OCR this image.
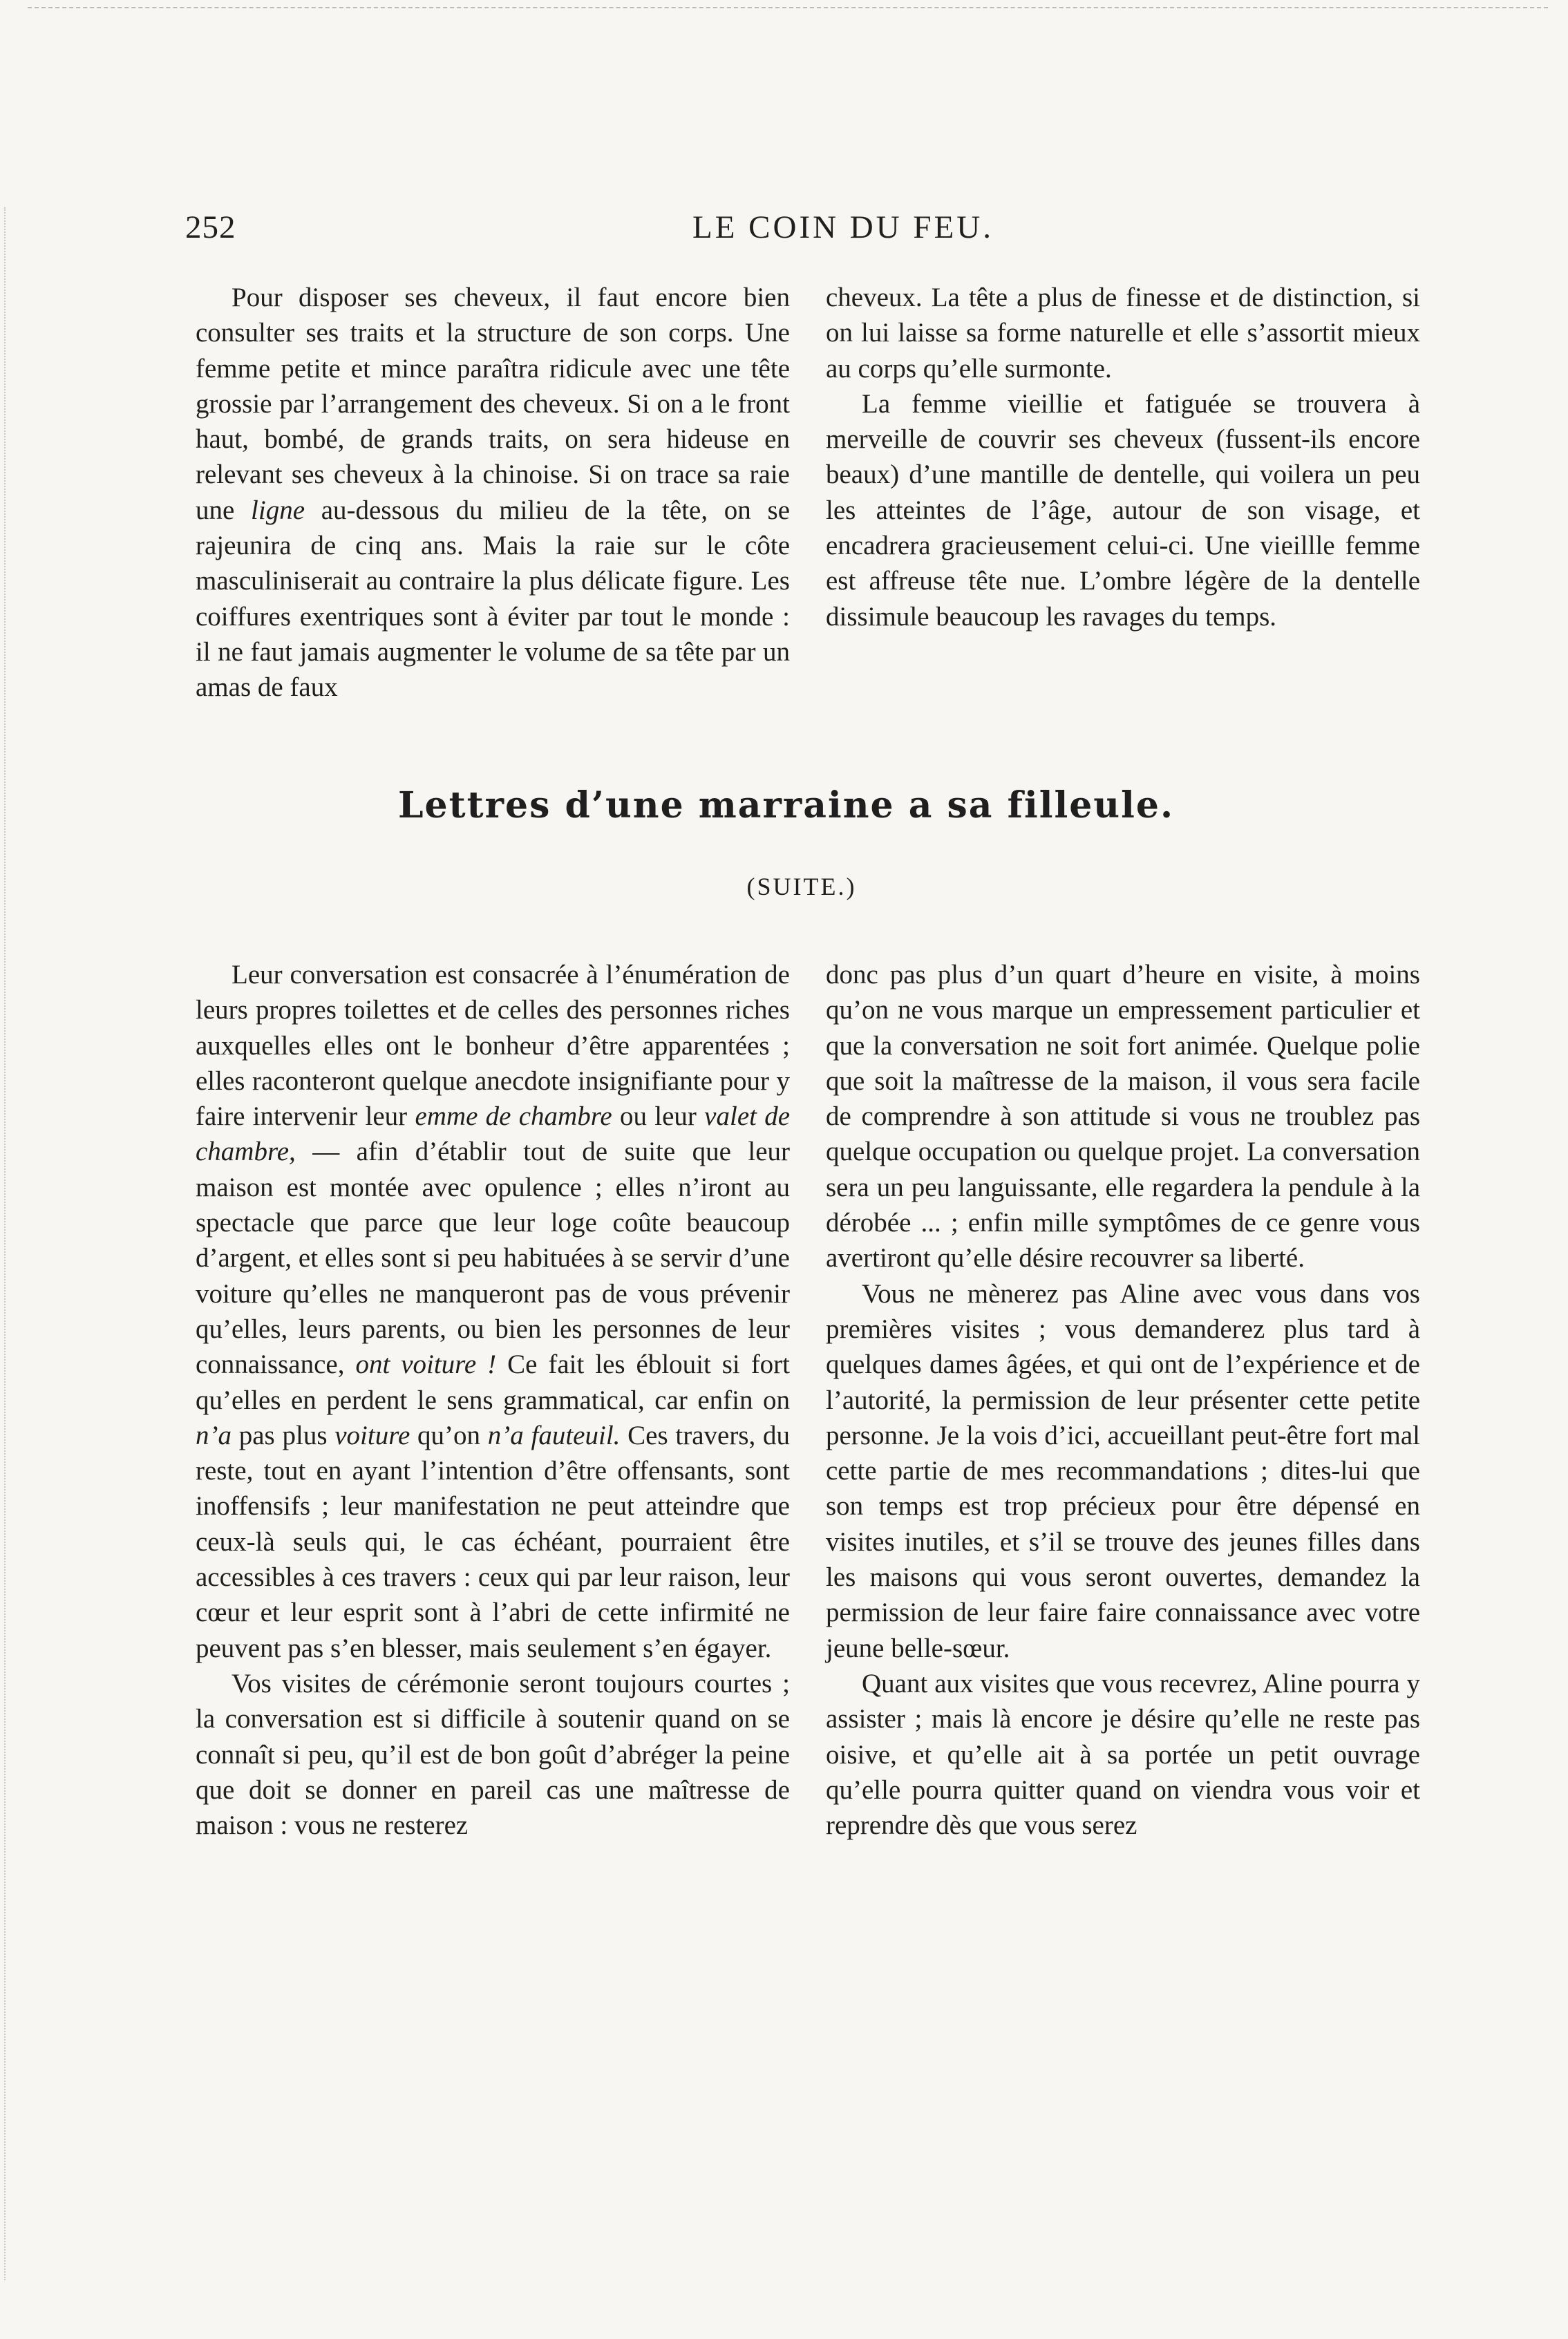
252	LE COIN DU FEU.

Pour disposer ses cheveux, il faut encore bien consulter ses traits et la structure de son corps. Une femme petite et mince paraîtra ridicule avec une tête grossie par l’arrangement des cheveux. Si on a le front haut, bombé, de grands traits, on sera hideuse en relevant ses cheveux à la chinoise. Si on trace sa raie une ligne au-dessous du milieu de la tête, on se rajeunira de cinq ans. Mais la raie sur le côte masculiniserait au contraire la plus délicate figure. Les coiffures exentriques sont à éviter par tout le monde : il ne faut jamais augmenter le volume de sa tête par un amas de faux

cheveux. La tête a plus de finesse et de distinction, si on lui laisse sa forme naturelle et elle s’assortit mieux au corps qu’elle surmonte.

La femme vieillie et fatiguée se trouvera à merveille de couvrir ses cheveux (fussent-ils encore beaux) d’une mantille de dentelle, qui voilera un peu les atteintes de l’âge, autour de son visage, et encadrera gracieusement celui-ci. Une vieillle femme est affreuse tête nue. L’ombre légère de la dentelle dissimule beaucoup les ravages du temps.

Lettres d’une marraine a sa filleule.
(SUITE.)

Leur conversation est consacrée à l’énumération de leurs propres toilettes et de celles des personnes riches auxquelles elles ont le bonheur d’être apparentées ; elles raconteront quelque anecdote insignifiante pour y faire intervenir leur emme de chambre ou leur valet de chambre, — afin d’établir tout de suite que leur maison est montée avec opulence ; elles n’iront au spectacle que parce que leur loge coûte beaucoup d’argent, et elles sont si peu habituées à se servir d’une voiture qu’elles ne manqueront pas de vous prévenir qu’elles, leurs parents, ou bien les personnes de leur connaissance, ont voiture ! Ce fait les éblouit si fort qu’elles en perdent le sens grammatical, car enfin on n’a pas plus voiture qu’on n’a fauteuil. Ces travers, du reste, tout en ayant l’intention d’être offensants, sont inoffensifs ; leur manifestation ne peut atteindre que ceux-là seuls qui, le cas échéant, pourraient être accessibles à ces travers : ceux qui par leur raison, leur cœur et leur esprit sont à l’abri de cette infirmité ne peuvent pas s’en blesser, mais seulement s’en égayer.

Vos visites de cérémonie seront toujours courtes ; la conversation est si difficile à soutenir quand on se connaît si peu, qu’il est de bon goût d’abréger la peine que doit se donner en pareil cas une maîtresse de maison : vous ne resterez

donc pas plus d’un quart d’heure en visite, à moins qu’on ne vous marque un empressement particulier et que la conversation ne soit fort animée. Quelque polie que soit la maîtresse de la maison, il vous sera facile de comprendre à son attitude si vous ne troublez pas quelque occupation ou quelque projet. La conversation sera un peu languissante, elle regardera la pendule à la dérobée ... ; enfin mille symptômes de ce genre vous avertiront qu’elle désire recouvrer sa liberté.

Vous ne mènerez pas Aline avec vous dans vos premières visites ; vous demanderez plus tard à quelques dames âgées, et qui ont de l’expérience et de l’autorité, la permission de leur présenter cette petite personne. Je la vois d’ici, accueillant peut-être fort mal cette partie de mes recommandations ; dites-lui que son temps est trop précieux pour être dépensé en visites inutiles, et s’il se trouve des jeunes filles dans les maisons qui vous seront ouvertes, demandez la permission de leur faire faire connaissance avec votre jeune belle-sœur.

Quant aux visites que vous recevrez, Aline pourra y assister ; mais là encore je désire qu’elle ne reste pas oisive, et qu’elle ait à sa portée un petit ouvrage qu’elle pourra quitter quand on viendra vous voir et reprendre dès que vous serez
